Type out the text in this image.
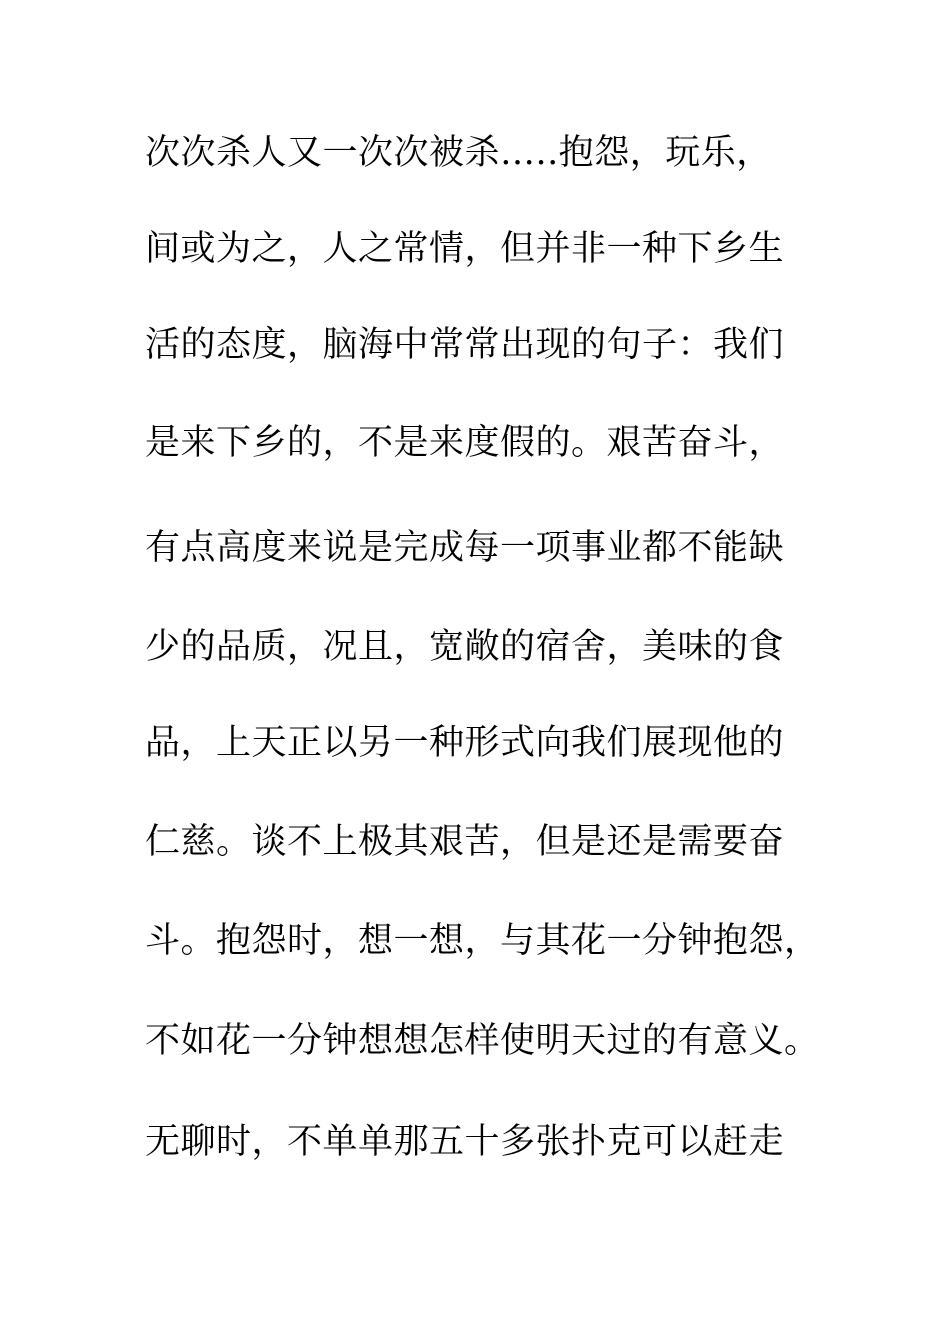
次次杀人又一次次被杀…..抱怨，玩乐，
间或为之，人之常情，但并非一种下乡生
活的态度，脑海中常常出现的句子：我们
是来下乡的，不是来度假的。艰苦奋斗，
有点高度来说是完成每一项事业都不能缺
少的品质，况且，宽敞的宿舍，美味的食
品，上天正以另一种形式向我们展现他的
仁慈。谈不上极其艰苦，但是还是需要奋
斗。抱怨时，想一想，与其花一分钟抱怨，
不如花一分钟想想怎样使明天过的有意义。
无聊时，不单单那五十多张扑克可以赶走
